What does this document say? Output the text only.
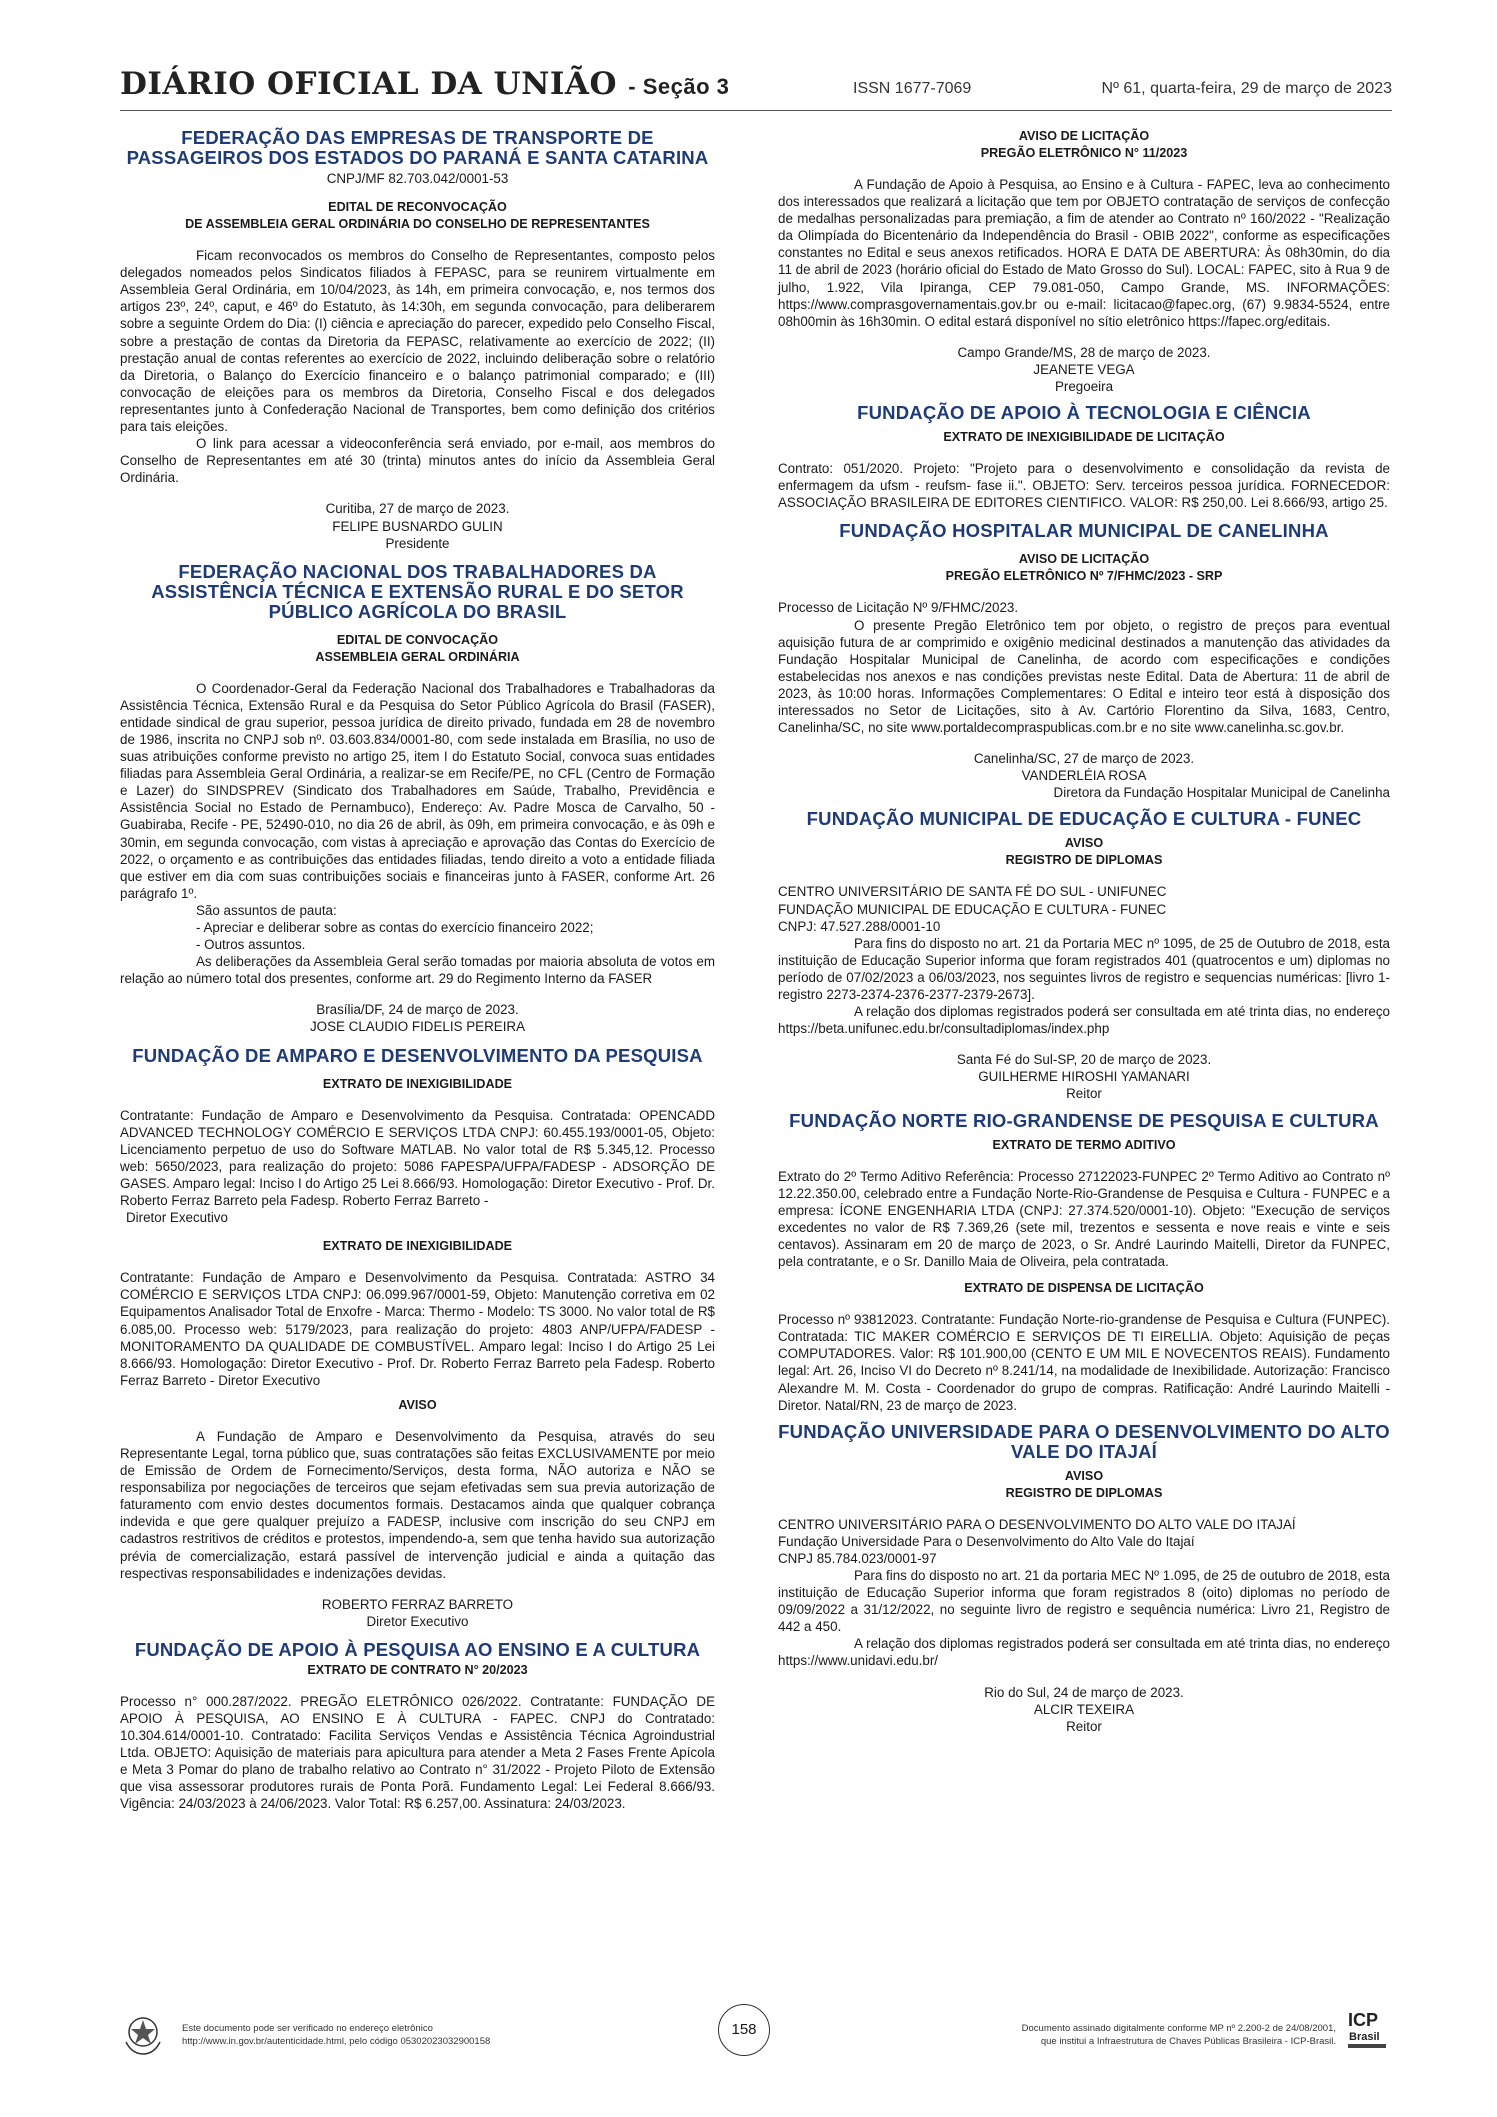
DIÁRIO OFICIAL DA UNIÃO - Seção 3	ISSN 1677-7069	Nº 61, quarta-feira, 29 de março de 2023
FEDERAÇÃO DAS EMPRESAS DE TRANSPORTE DE PASSAGEIROS DOS ESTADOS DO PARANÁ E SANTA CATARINA

CNPJ/MF 82.703.042/0001-53

EDITAL DE RECONVOCAÇÃO

DE ASSEMBLEIA GERAL ORDINÁRIA DO CONSELHO DE REPRESENTANTES

Ficam reconvocados os membros do Conselho de Representantes, composto pelos delegados nomeados pelos Sindicatos filiados à FEPASC, para se reunirem virtualmente em Assembleia Geral Ordinária, em 10/04/2023, às 14h, em primeira convocação, e, nos termos dos artigos 23º, 24º, caput, e 46º do Estatuto, às 14:30h, em segunda convocação, para deliberarem sobre a seguinte Ordem do Dia: (I) ciência e apreciação do parecer, expedido pelo Conselho Fiscal, sobre a prestação de contas da Diretoria da FEPASC, relativamente ao exercício de 2022; (II) prestação anual de contas referentes ao exercício de 2022, incluindo deliberação sobre o relatório da Diretoria, o Balanço do Exercício financeiro e o balanço patrimonial comparado; e (III) convocação de eleições para os membros da Diretoria, Conselho Fiscal e dos delegados representantes junto à Confederação Nacional de Transportes, bem como definição dos critérios para tais eleições.

O link para acessar a videoconferência será enviado, por e-mail, aos membros do Conselho de Representantes em até 30 (trinta) minutos antes do início da Assembleia Geral Ordinária.

Curitiba, 27 de março de 2023.

FELIPE BUSNARDO GULIN

Presidente

FEDERAÇÃO NACIONAL DOS TRABALHADORES DA ASSISTÊNCIA TÉCNICA E EXTENSÃO RURAL E DO SETOR PÚBLICO AGRÍCOLA DO BRASIL

EDITAL DE CONVOCAÇÃO

ASSEMBLEIA GERAL ORDINÁRIA

O Coordenador-Geral da Federação Nacional dos Trabalhadores e Trabalhadoras da Assistência Técnica, Extensão Rural e da Pesquisa do Setor Público Agrícola do Brasil (FASER), entidade sindical de grau superior, pessoa jurídica de direito privado, fundada em 28 de novembro de 1986, inscrita no CNPJ sob nº. 03.603.834/0001-80, com sede instalada em Brasília, no uso de suas atribuições conforme previsto no artigo 25, item I do Estatuto Social, convoca suas entidades filiadas para Assembleia Geral Ordinária, a realizar-se em Recife/PE, no CFL (Centro de Formação e Lazer) do SINDSPREV (Sindicato dos Trabalhadores em Saúde, Trabalho, Previdência e Assistência Social no Estado de Pernambuco), Endereço: Av. Padre Mosca de Carvalho, 50 - Guabiraba, Recife - PE, 52490-010, no dia 26 de abril, às 09h, em primeira convocação, e às 09h e 30min, em segunda convocação, com vistas à apreciação e aprovação das Contas do Exercício de 2022, o orçamento e as contribuições das entidades filiadas, tendo direito a voto a entidade filiada que estiver em dia com suas contribuições sociais e financeiras junto à FASER, conforme Art. 26 parágrafo 1º.

São assuntos de pauta:

- Apreciar e deliberar sobre as contas do exercício financeiro 2022;

- Outros assuntos.

As deliberações da Assembleia Geral serão tomadas por maioria absoluta de votos em relação ao número total dos presentes, conforme art. 29 do Regimento Interno da FASER

Brasília/DF, 24 de março de 2023.

JOSE CLAUDIO FIDELIS PEREIRA

FUNDAÇÃO DE AMPARO E DESENVOLVIMENTO DA PESQUISA

EXTRATO DE INEXIGIBILIDADE

Contratante: Fundação de Amparo e Desenvolvimento da Pesquisa. Contratada: OPENCADD ADVANCED TECHNOLOGY COMÉRCIO E SERVIÇOS LTDA CNPJ: 60.455.193/0001-05, Objeto: Licenciamento perpetuo de uso do Software MATLAB. No valor total de R$ 5.345,12. Processo web: 5650/2023, para realização do projeto: 5086 FAPESPA/UFPA/FADESP - ADSORÇÃO DE GASES. Amparo legal: Inciso I do Artigo 25 Lei 8.666/93. Homologação: Diretor Executivo - Prof. Dr. Roberto Ferraz Barreto pela Fadesp. Roberto Ferraz Barreto -

Diretor Executivo

EXTRATO DE INEXIGIBILIDADE

Contratante: Fundação de Amparo e Desenvolvimento da Pesquisa. Contratada: ASTRO 34 COMÉRCIO E SERVIÇOS LTDA CNPJ: 06.099.967/0001-59, Objeto: Manutenção corretiva em 02 Equipamentos Analisador Total de Enxofre - Marca: Thermo - Modelo: TS 3000. No valor total de R$ 6.085,00. Processo web: 5179/2023, para realização do projeto: 4803 ANP/UFPA/FADESP - MONITORAMENTO DA QUALIDADE DE COMBUSTÍVEL. Amparo legal: Inciso I do Artigo 25 Lei 8.666/93. Homologação: Diretor Executivo - Prof. Dr. Roberto Ferraz Barreto pela Fadesp. Roberto Ferraz Barreto - Diretor Executivo

AVISO

A Fundação de Amparo e Desenvolvimento da Pesquisa, através do seu Representante Legal, torna público que, suas contratações são feitas EXCLUSIVAMENTE por meio de Emissão de Ordem de Fornecimento/Serviços, desta forma, NÃO autoriza e NÃO se responsabiliza por negociações de terceiros que sejam efetivadas sem sua previa autorização de faturamento com envio destes documentos formais. Destacamos ainda que qualquer cobrança indevida e que gere qualquer prejuízo a FADESP, inclusive com inscrição do seu CNPJ em cadastros restritivos de créditos e protestos, impendendo-a, sem que tenha havido sua autorização prévia de comercialização, estará passível de intervenção judicial e ainda a quitação das respectivas responsabilidades e indenizações devidas.

ROBERTO FERRAZ BARRETO

Diretor Executivo

FUNDAÇÃO DE APOIO À PESQUISA AO ENSINO E A CULTURA

EXTRATO DE CONTRATO N° 20/2023

Processo n° 000.287/2022. PREGÃO ELETRÔNICO 026/2022. Contratante: FUNDAÇÃO DE APOIO À PESQUISA, AO ENSINO E À CULTURA - FAPEC. CNPJ do Contratado: 10.304.614/0001-10. Contratado: Facilita Serviços Vendas e Assistência Técnica Agroindustrial Ltda. OBJETO: Aquisição de materiais para apicultura para atender a Meta 2 Fases Frente Apícola e Meta 3 Pomar do plano de trabalho relativo ao Contrato n° 31/2022 - Projeto Piloto de Extensão que visa assessorar produtores rurais de Ponta Porã. Fundamento Legal: Lei Federal 8.666/93. Vigência: 24/03/2023 à 24/06/2023. Valor Total: R$ 6.257,00. Assinatura: 24/03/2023.

AVISO DE LICITAÇÃO

PREGÃO ELETRÔNICO N° 11/2023

A Fundação de Apoio à Pesquisa, ao Ensino e à Cultura - FAPEC, leva ao conhecimento dos interessados que realizará a licitação que tem por OBJETO contratação de serviços de confecção de medalhas personalizadas para premiação, a fim de atender ao Contrato nº 160/2022 - "Realização da Olimpíada do Bicentenário da Independência do Brasil - OBIB 2022", conforme as especificações constantes no Edital e seus anexos retificados. HORA E DATA DE ABERTURA: Às 08h30min, do dia 11 de abril de 2023 (horário oficial do Estado de Mato Grosso do Sul). LOCAL: FAPEC, sito à Rua 9 de julho, 1.922, Vila Ipiranga, CEP 79.081-050, Campo Grande, MS. INFORMAÇÕES: https://www.comprasgovernamentais.gov.br ou e-mail: licitacao@fapec.org, (67) 9.9834-5524, entre 08h00min às 16h30min. O edital estará disponível no sítio eletrônico https://fapec.org/editais.

Campo Grande/MS, 28 de março de 2023.

JEANETE VEGA

Pregoeira

FUNDAÇÃO DE APOIO À TECNOLOGIA E CIÊNCIA

EXTRATO DE INEXIGIBILIDADE DE LICITAÇÃO

Contrato: 051/2020. Projeto: "Projeto para o desenvolvimento e consolidação da revista de enfermagem da ufsm - reufsm- fase ii.". OBJETO: Serv. terceiros pessoa jurídica. FORNECEDOR: ASSOCIAÇÃO BRASILEIRA DE EDITORES CIENTIFICO. VALOR: R$ 250,00. Lei 8.666/93, artigo 25.

FUNDAÇÃO HOSPITALAR MUNICIPAL DE CANELINHA

AVISO DE LICITAÇÃO

PREGÃO ELETRÔNICO Nº 7/FHMC/2023 - SRP

Processo de Licitação Nº 9/FHMC/2023.

O presente Pregão Eletrônico tem por objeto, o registro de preços para eventual aquisição futura de ar comprimido e oxigênio medicinal destinados a manutenção das atividades da Fundação Hospitalar Municipal de Canelinha, de acordo com especificações e condições estabelecidas nos anexos e nas condições previstas neste Edital. Data de Abertura: 11 de abril de 2023, às 10:00 horas. Informações Complementares: O Edital e inteiro teor está à disposição dos interessados no Setor de Licitações, sito à Av. Cartório Florentino da Silva, 1683, Centro, Canelinha/SC, no site www.portaldecompraspublicas.com.br e no site www.canelinha.sc.gov.br.

Canelinha/SC, 27 de março de 2023.

VANDERLÉIA ROSA

Diretora da Fundação Hospitalar Municipal de Canelinha

FUNDAÇÃO MUNICIPAL DE EDUCAÇÃO E CULTURA - FUNEC

AVISO

REGISTRO DE DIPLOMAS

CENTRO UNIVERSITÁRIO DE SANTA FÉ DO SUL - UNIFUNEC

FUNDAÇÃO MUNICIPAL DE EDUCAÇÃO E CULTURA - FUNEC

CNPJ: 47.527.288/0001-10

Para fins do disposto no art. 21 da Portaria MEC nº 1095, de 25 de Outubro de 2018, esta instituição de Educação Superior informa que foram registrados 401 (quatrocentos e um) diplomas no período de 07/02/2023 a 06/03/2023, nos seguintes livros de registro e sequencias numéricas: [livro 1- registro 2273-2374-2376-2377-2379-2673].

A relação dos diplomas registrados poderá ser consultada em até trinta dias, no endereço https://beta.unifunec.edu.br/consultadiplomas/index.php

Santa Fé do Sul-SP, 20 de março de 2023.

GUILHERME HIROSHI YAMANARI

Reitor

FUNDAÇÃO NORTE RIO-GRANDENSE DE PESQUISA E CULTURA

EXTRATO DE TERMO ADITIVO

Extrato do 2º Termo Aditivo Referência: Processo 27122023-FUNPEC 2º Termo Aditivo ao Contrato nº 12.22.350.00, celebrado entre a Fundação Norte-Rio-Grandense de Pesquisa e Cultura - FUNPEC e a empresa: ÍCONE ENGENHARIA LTDA (CNPJ: 27.374.520/0001-10). Objeto: "Execução de serviços excedentes no valor de R$ 7.369,26 (sete mil, trezentos e sessenta e nove reais e vinte e seis centavos). Assinaram em 20 de março de 2023, o Sr. André Laurindo Maitelli, Diretor da FUNPEC, pela contratante, e o Sr. Danillo Maia de Oliveira, pela contratada.

EXTRATO DE DISPENSA DE LICITAÇÃO

Processo nº 93812023. Contratante: Fundação Norte-rio-grandense de Pesquisa e Cultura (FUNPEC). Contratada: TIC MAKER COMÉRCIO E SERVIÇOS DE TI EIRELLIA. Objeto: Aquisição de peças COMPUTADORES. Valor: R$ 101.900,00 (CENTO E UM MIL E NOVECENTOS REAIS). Fundamento legal: Art. 26, Inciso VI do Decreto nº 8.241/14, na modalidade de Inexibilidade. Autorização: Francisco Alexandre M. M. Costa - Coordenador do grupo de compras. Ratificação: André Laurindo Maitelli - Diretor. Natal/RN, 23 de março de 2023.

FUNDAÇÃO UNIVERSIDADE PARA O DESENVOLVIMENTO DO ALTO VALE DO ITAJAÍ

AVISO

REGISTRO DE DIPLOMAS

CENTRO UNIVERSITÁRIO PARA O DESENVOLVIMENTO DO ALTO VALE DO ITAJAÍ

Fundação Universidade Para o Desenvolvimento do Alto Vale do Itajaí

CNPJ 85.784.023/0001-97

Para fins do disposto no art. 21 da portaria MEC Nº 1.095, de 25 de outubro de 2018, esta instituição de Educação Superior informa que foram registrados 8 (oito) diplomas no período de 09/09/2022 a 31/12/2022, no seguinte livro de registro e sequência numérica: Livro 21, Registro de 442 a 450.

A relação dos diplomas registrados poderá ser consultada em até trinta dias, no endereço https://www.unidavi.edu.br/

Rio do Sul, 24 de março de 2023.

ALCIR TEXEIRA

Reitor

Este documento pode ser verificado no endereço eletrônico
http://www.in.gov.br/autenticidade.html, pelo código 05302023032900158
158	Documento assinado digitalmente conforme MP nº 2.200-2 de 24/08/2001,
que institui a Infraestrutura de Chaves Públicas Brasileira - ICP-Brasil.
ICP
Brasil
